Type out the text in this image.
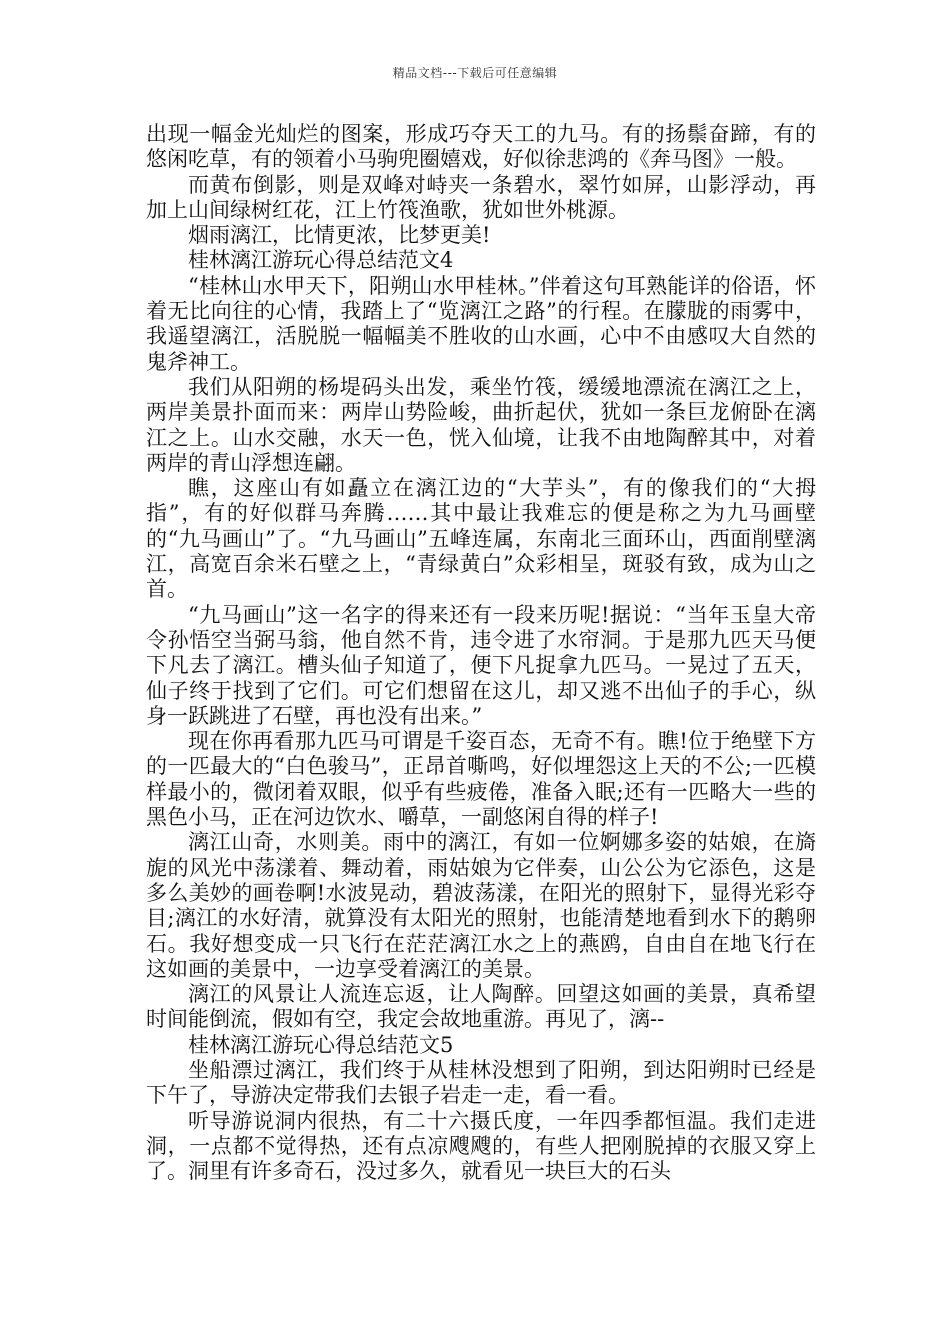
精品文档---下载后可任意编辑

出现一幅金光灿烂的图案，形成巧夺天工的九马。有的扬鬃奋蹄，有的悠闲吃草，有的领着小马驹兜圈嬉戏，好似徐悲鸿的《奔马图》一般。

而黄布倒影，则是双峰对峙夹一条碧水，翠竹如屏，山影浮动，再加上山间绿树红花，江上竹筏渔歌，犹如世外桃源。

烟雨漓江，比情更浓，比梦更美!

桂林漓江游玩心得总结范文4

“桂林山水甲天下，阳朔山水甲桂林。”伴着这句耳熟能详的俗语，怀着无比向往的心情，我踏上了“览漓江之路”的行程。在朦胧的雨雾中，我遥望漓江，活脱脱一幅幅美不胜收的山水画，心中不由感叹大自然的鬼斧神工。

我们从阳朔的杨堤码头出发，乘坐竹筏，缓缓地漂流在漓江之上，两岸美景扑面而来：两岸山势险峻，曲折起伏，犹如一条巨龙俯卧在漓江之上。山水交融，水天一色，恍入仙境，让我不由地陶醉其中，对着两岸的青山浮想连翩。

瞧，这座山有如矗立在漓江边的“大芋头”，有的像我们的“大拇指”，有的好似群马奔腾……其中最让我难忘的便是称之为九马画壁的“九马画山”了。“九马画山”五峰连属，东南北三面环山，西面削壁漓江，高宽百余米石壁之上，“青绿黄白”众彩相呈，斑驳有致，成为山之首。

“九马画山”这一名字的得来还有一段来历呢!据说：“当年玉皇大帝令孙悟空当弼马翁，他自然不肯，违令进了水帘洞。于是那九匹天马便下凡去了漓江。槽头仙子知道了，便下凡捉拿九匹马。一晃过了五天，仙子终于找到了它们。可它们想留在这儿，却又逃不出仙子的手心，纵身一跃跳进了石壁，再也没有出来。”

现在你再看那九匹马可谓是千姿百态，无奇不有。瞧!位于绝壁下方的一匹最大的“白色骏马”，正昂首嘶鸣，好似埋怨这上天的不公;一匹模样最小的，微闭着双眼，似乎有些疲倦，准备入眠;还有一匹略大一些的黑色小马，正在河边饮水、嚼草，一副悠闲自得的样子!

漓江山奇，水则美。雨中的漓江，有如一位婀娜多姿的姑娘，在旖旎的风光中荡漾着、舞动着，雨姑娘为它伴奏，山公公为它添色，这是多么美妙的画卷啊!水波晃动，碧波荡漾，在阳光的照射下，显得光彩夺目;漓江的水好清，就算没有太阳光的照射，也能清楚地看到水下的鹅卵石。我好想变成一只飞行在茫茫漓江水之上的燕鸥，自由自在地飞行在这如画的美景中，一边享受着漓江的美景。

漓江的风景让人流连忘返，让人陶醉。回望这如画的美景，真希望时间能倒流，假如有空，我定会故地重游。再见了，漓--

桂林漓江游玩心得总结范文5

坐船漂过漓江，我们终于从桂林没想到了阳朔，到达阳朔时已经是下午了，导游决定带我们去银子岩走一走，看一看。

听导游说洞内很热，有二十六摄氏度，一年四季都恒温。我们走进洞，一点都不觉得热，还有点凉飕飕的，有些人把刚脱掉的衣服又穿上了。洞里有许多奇石，没过多久，就看见一块巨大的石头
